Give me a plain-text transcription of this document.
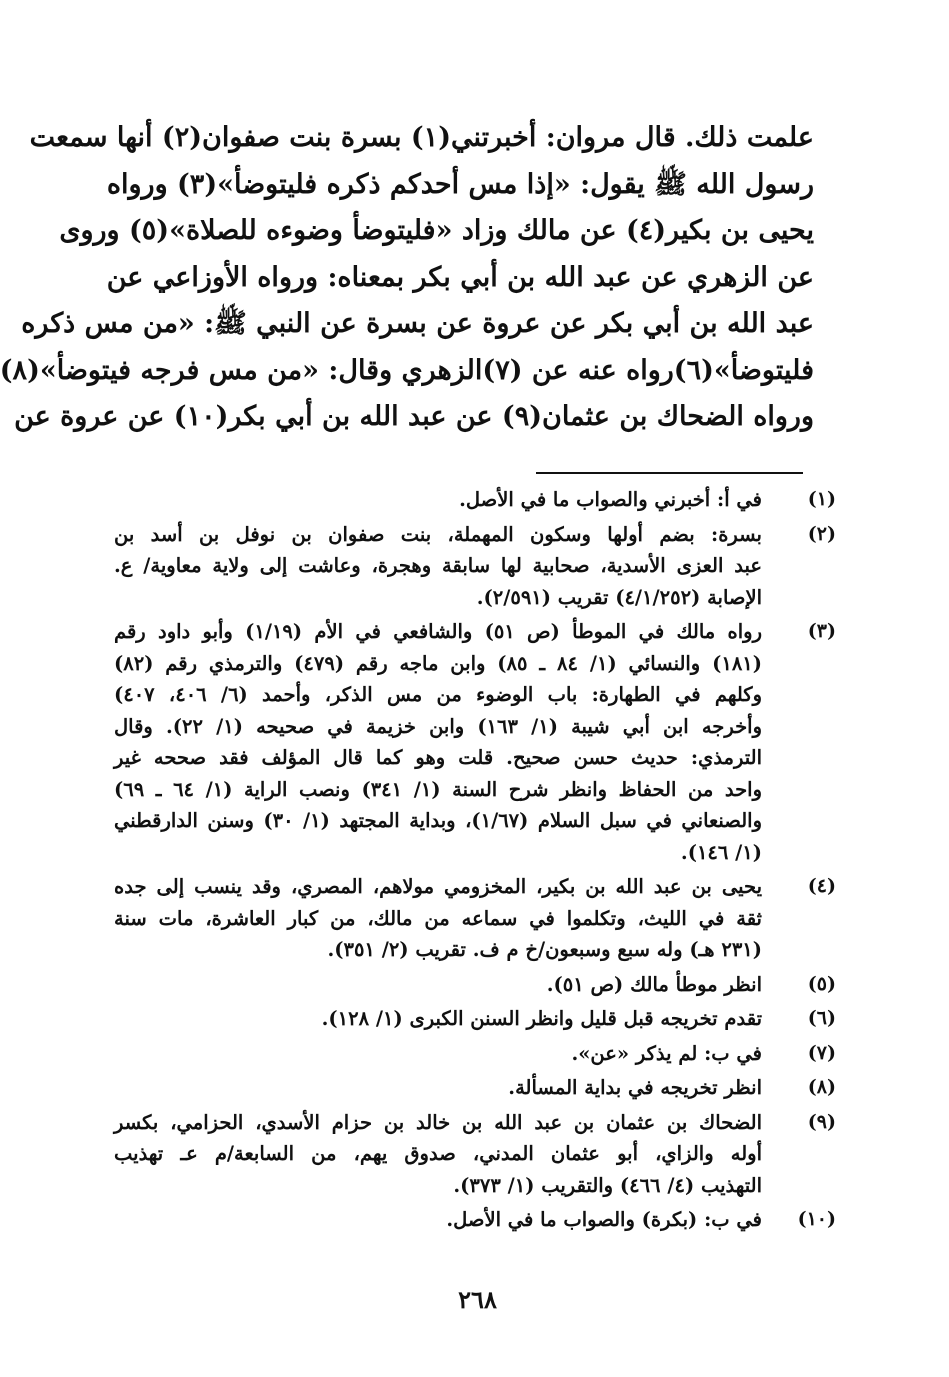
علمت ذلك. قال مروان: أخبرتني(١) بسرة بنت صفوان(٢) أنها سمعت
رسول الله ﷺ يقول: «إذا مس أحدكم ذكره فليتوضأ»(٣) ورواه
يحيى بن بكير(٤) عن مالك وزاد «فليتوضأ وضوءه للصلاة»(٥) وروى
عن الزهري عن عبد الله بن أبي بكر بمعناه: ورواه الأوزاعي عن
عبد الله بن أبي بكر عن عروة عن بسرة عن النبي ﷺ: «من مس ذكره
فليتوضأ»(٦)رواه عنه عن (٧)الزهري وقال: «من مس فرجه فيتوضأ»(٨)
ورواه الضحاك بن عثمان(٩) عن عبد الله بن أبي بكر(١٠) عن عروة عن
(١)
في أ: أخبرني والصواب ما في الأصل.
(٢)
بسرة: بضم أولها وسكون المهملة، بنت صفوان بن نوفل بن أسد بن
عبد العزى الأسدية، صحابية لها سابقة وهجرة، وعاشت إلى ولاية معاوية/ ع.
الإصابة (٤/١/٢٥٢) تقريب (٢/٥٩١).
(٣)
رواه مالك في الموطأ (ص ٥١) والشافعي في الأم (١/١٩) وأبو داود رقم
(١٨١) والنسائي (١/ ٨٤ ـ ٨٥) وابن ماجه رقم (٤٧٩) والترمذي رقم (٨٢)
وكلهم في الطهارة: باب الوضوء من مس الذكر، وأحمد (٦/ ٤٠٦، ٤٠٧)
وأخرجه ابن أبي شيبة (١/ ١٦٣) وابن خزيمة في صحيحه (١/ ٢٢). وقال
الترمذي: حديث حسن صحيح. قلت وهو كما قال المؤلف فقد صححه غير
واحد من الحفاظ وانظر شرح السنة (١/ ٣٤١) ونصب الراية (١/ ٦٤ ـ ٦٩)
والصنعاني في سبل السلام (١/٦٧)، وبداية المجتهد (١/ ٣٠) وسنن الدارقطني
(١/ ١٤٦).
(٤)
يحيى بن عبد الله بن بكير، المخزومي مولاهم، المصري، وقد ينسب إلى جده
ثقة في الليث، وتكلموا في سماعه من مالك، من كبار العاشرة، مات سنة
(٢٣١ هـ) وله سبع وسبعون/خ م ف. تقريب (٢/ ٣٥١).
(٥)
انظر موطأ مالك (ص ٥١).
(٦)
تقدم تخريجه قبل قليل وانظر السنن الكبرى (١/ ١٢٨).
(٧)
في ب: لم يذكر «عن».
(٨)
انظر تخريجه في بداية المسألة.
(٩)
الضحاك بن عثمان بن عبد الله بن خالد بن حزام الأسدي، الحزامي، بكسر
أوله والزاي، أبو عثمان المدني، صدوق يهم، من السابعة/م عـ تهذيب
التهذيب (٤/ ٤٦٦) والتقريب (١/ ٣٧٣).
(١٠)
في ب: (بكرة) والصواب ما في الأصل.
٢٦٨
